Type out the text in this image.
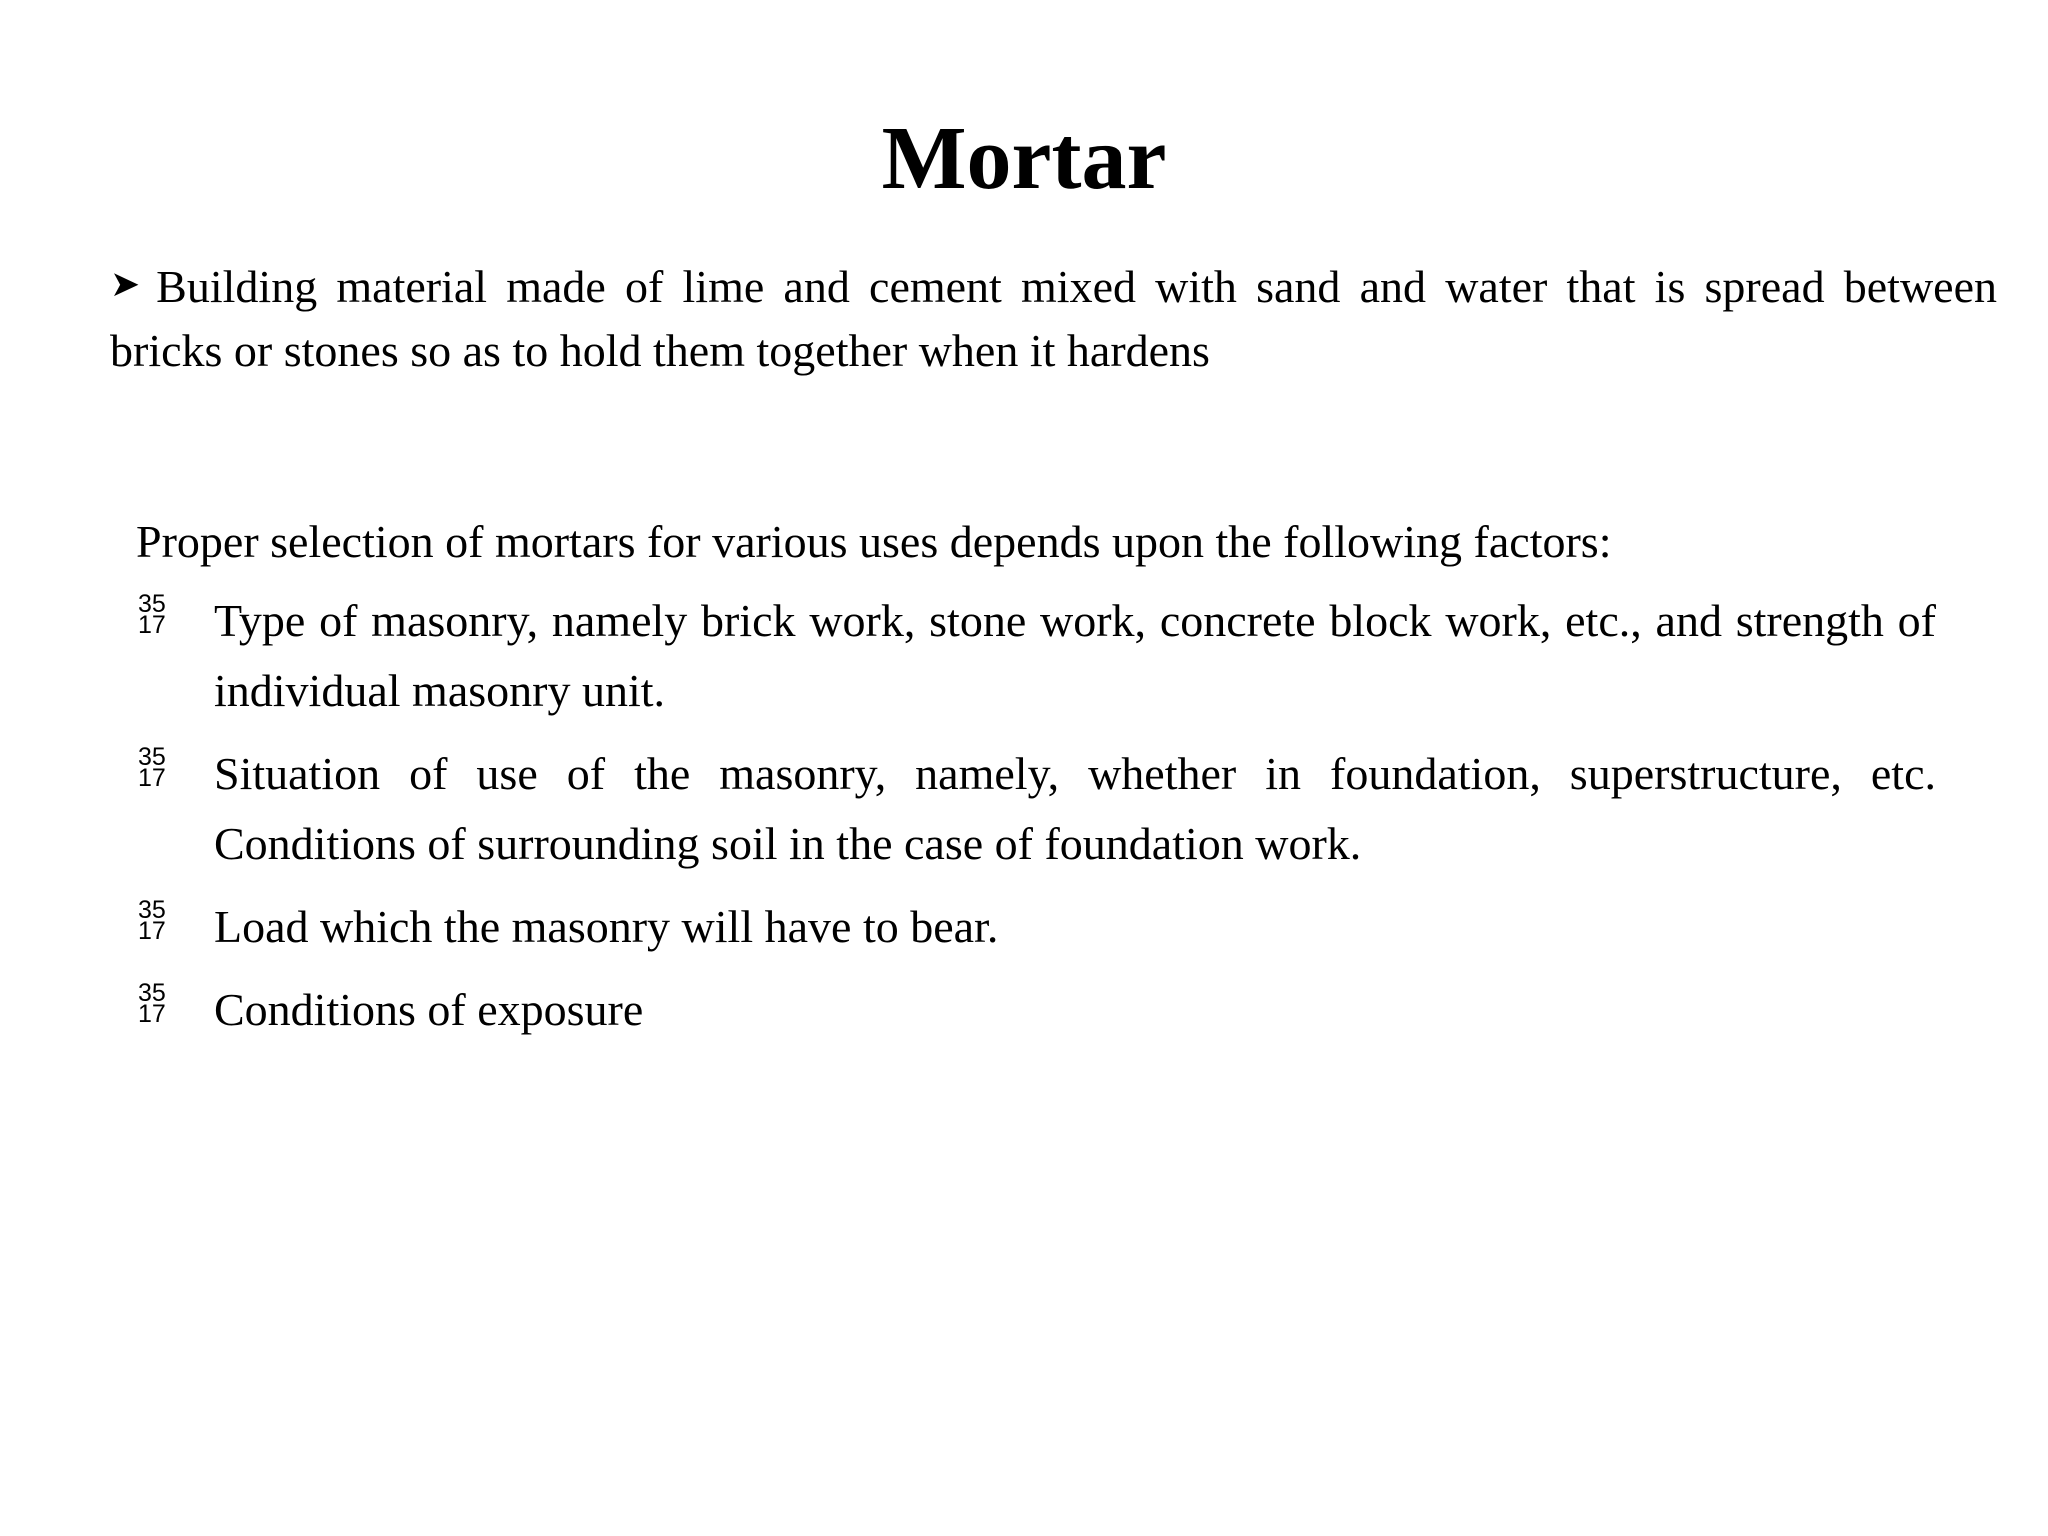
Mortar

➤ Building material made of lime and cement mixed with sand and water that is spread between bricks or stones so as to hold them together when it hardens

Proper selection of mortars for various uses depends upon the following factors:

35
17 Type of masonry, namely brick work, stone work, concrete block work, etc., and strength of individual masonry unit.
35
17 Situation of use of the masonry, namely, whether in foundation, superstructure, etc. Conditions of surrounding soil in the case of foundation work.
35
17 Load which the masonry will have to bear.
35
17 Conditions of exposure
